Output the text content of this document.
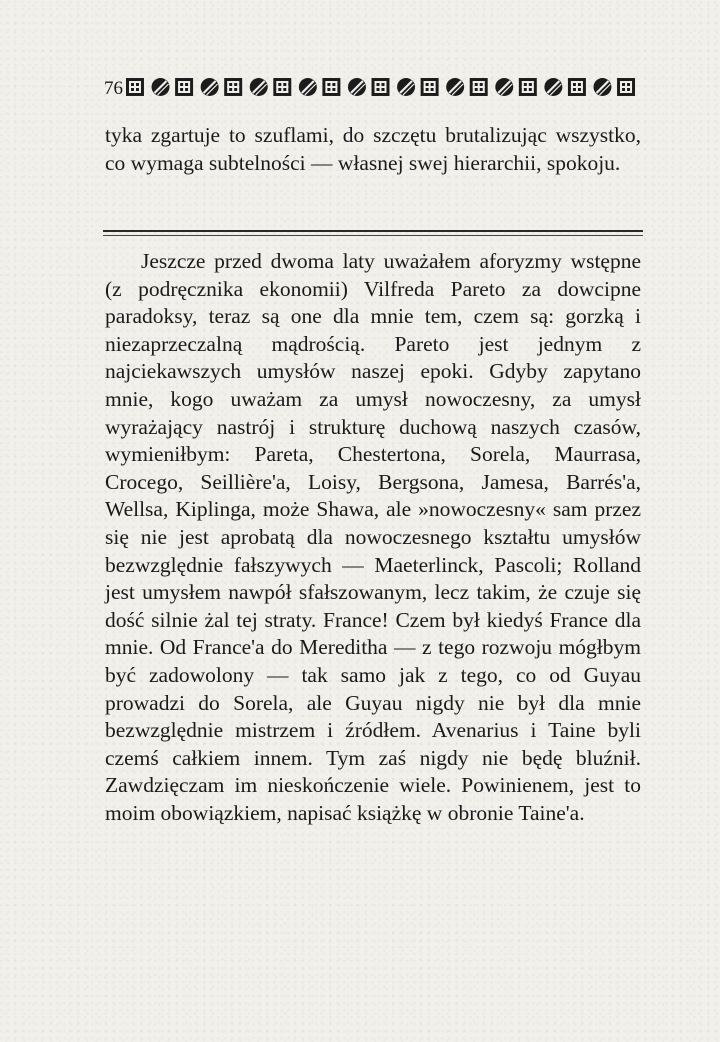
76
tyka zgartuje to szuflami, do szczętu brutalizując wszystko, co wymaga subtelności — własnej swej hierarchii, spokoju.

Jeszcze przed dwoma laty uważałem aforyzmy wstępne (z podręcznika ekonomii) Vilfreda Pareto za dowcipne paradoksy, teraz są one dla mnie tem, czem są: gorzką i niezaprzeczalną mądrością. Pareto jest jednym z najciekawszych umysłów naszej epoki. Gdyby zapytano mnie, kogo uważam za umysł nowoczesny, za umysł wyrażający nastrój i strukturę duchową naszych czasów, wymieniłbym: Pareta, Chestertona, Sorela, Maurrasa, Crocego, Seillière'a, Loisy, Bergsona, Jamesa, Barrés'a, Wellsa, Kiplinga, może Shawa, ale »nowoczesny« sam przez się nie jest aprobatą dla nowoczesnego kształtu umysłów bezwzględnie fałszywych — Maeterlinck, Pascoli; Rolland jest umysłem nawpół sfałszowanym, lecz takim, że czuje się dość silnie żal tej straty. France! Czem był kiedyś France dla mnie. Od France'a do Mereditha — z tego rozwoju mógłbym być zadowolony — tak samo jak z tego, co od Guyau prowadzi do Sorela, ale Guyau nigdy nie był dla mnie bezwzględnie mistrzem i źródłem. Avenarius i Taine byli czemś całkiem innem. Tym zaś nigdy nie będę bluźnił. Zawdzięczam im nieskończenie wiele. Powinienem, jest to moim obowiązkiem, napisać książkę w obronie Taine'a.
